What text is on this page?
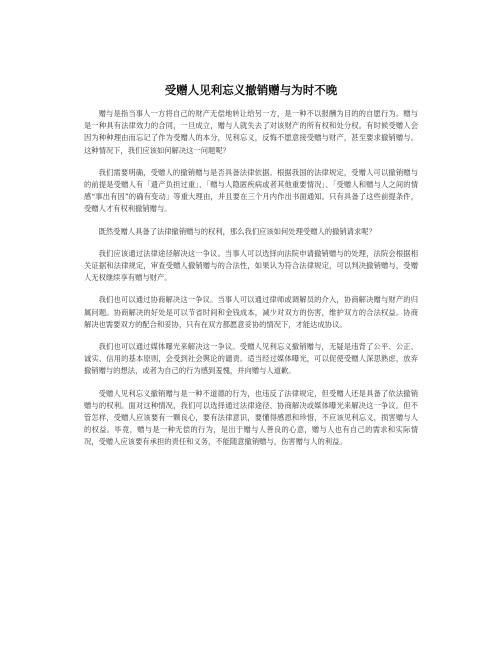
受赠人见利忘义撤销赠与为时不晚

赠与是指当事人一方将自己的财产无偿地转让给另一方，是一种不以报酬为目的的自愿行为。赠与是一种具有法律效力的合同，一旦成立，赠与人就失去了对该财产的所有权和处分权。有时候受赠人会因为种种理由而忘记了作为受赠人的本分，见利忘义，反悔不愿意接受赠与财产，甚至要求撤销赠与。这种情况下，我们应该如何解决这一问题呢？

我们需要明确，受赠人的撤销赠与是否具备法律依据。根据我国的法律规定，受赠人可以撤销赠与的前提是受赠人有「遗产负担过重」、「赠与人隐匿疾病或者其他重要情况」、「受赠人和赠与人之间的情感“事出有因”的确有变动」等重大理由，并且要在三个月内作出书面通知。只有具备了这些前提条件，受赠人才有权利撤销赠与。

既然受赠人具备了法律撤销赠与的权利，那么我们应该如何处理受赠人的撤销请求呢？

我们应该通过法律途径解决这一争议。当事人可以选择向法院申请撤销赠与的处理，法院会根据相关证据和法律规定，审查受赠人撤销赠与的合法性，如果认为符合法律规定，可以判决撤销赠与，受赠人无权继续享有赠与财产。

我们也可以通过协商解决这一争议。当事人可以通过律师或调解员的介入，协商解决赠与财产的归属问题。协商解决的好处是可以节省时间和金钱成本，减少对双方的伤害，维护双方的合法权益。协商解决也需要双方的配合和妥协，只有在双方都愿意妥协的情况下，才能达成协议。

我们也可以通过媒体曝光来解决这一争议。受赠人见利忘义撤销赠与，无疑是违背了公平、公正、诚实、信用的基本原则，会受到社会舆论的谴责。适当经过媒体曝光，可以促使受赠人深思熟虑，放弃撤销赠与的想法，或者为自己的行为感到羞愧，并向赠与人道歉。

受赠人见利忘义撤销赠与是一种不道德的行为，也违反了法律规定，但受赠人还是具备了依法撤销赠与的权利。面对这种情况，我们可以选择通过法律途径、协商解决或媒体曝光来解决这一争议。但不管怎样，受赠人应该要有一颗良心，要有法律意识，要懂得感恩和珍惜，不应该见利忘义，损害赠与人的权益。毕竟，赠与是一种无偿的行为，是出于赠与人善良的心意，赠与人也有自己的需求和实际情况，受赠人应该要有承担的责任和义务，不能随意撤销赠与，伤害赠与人的利益。
